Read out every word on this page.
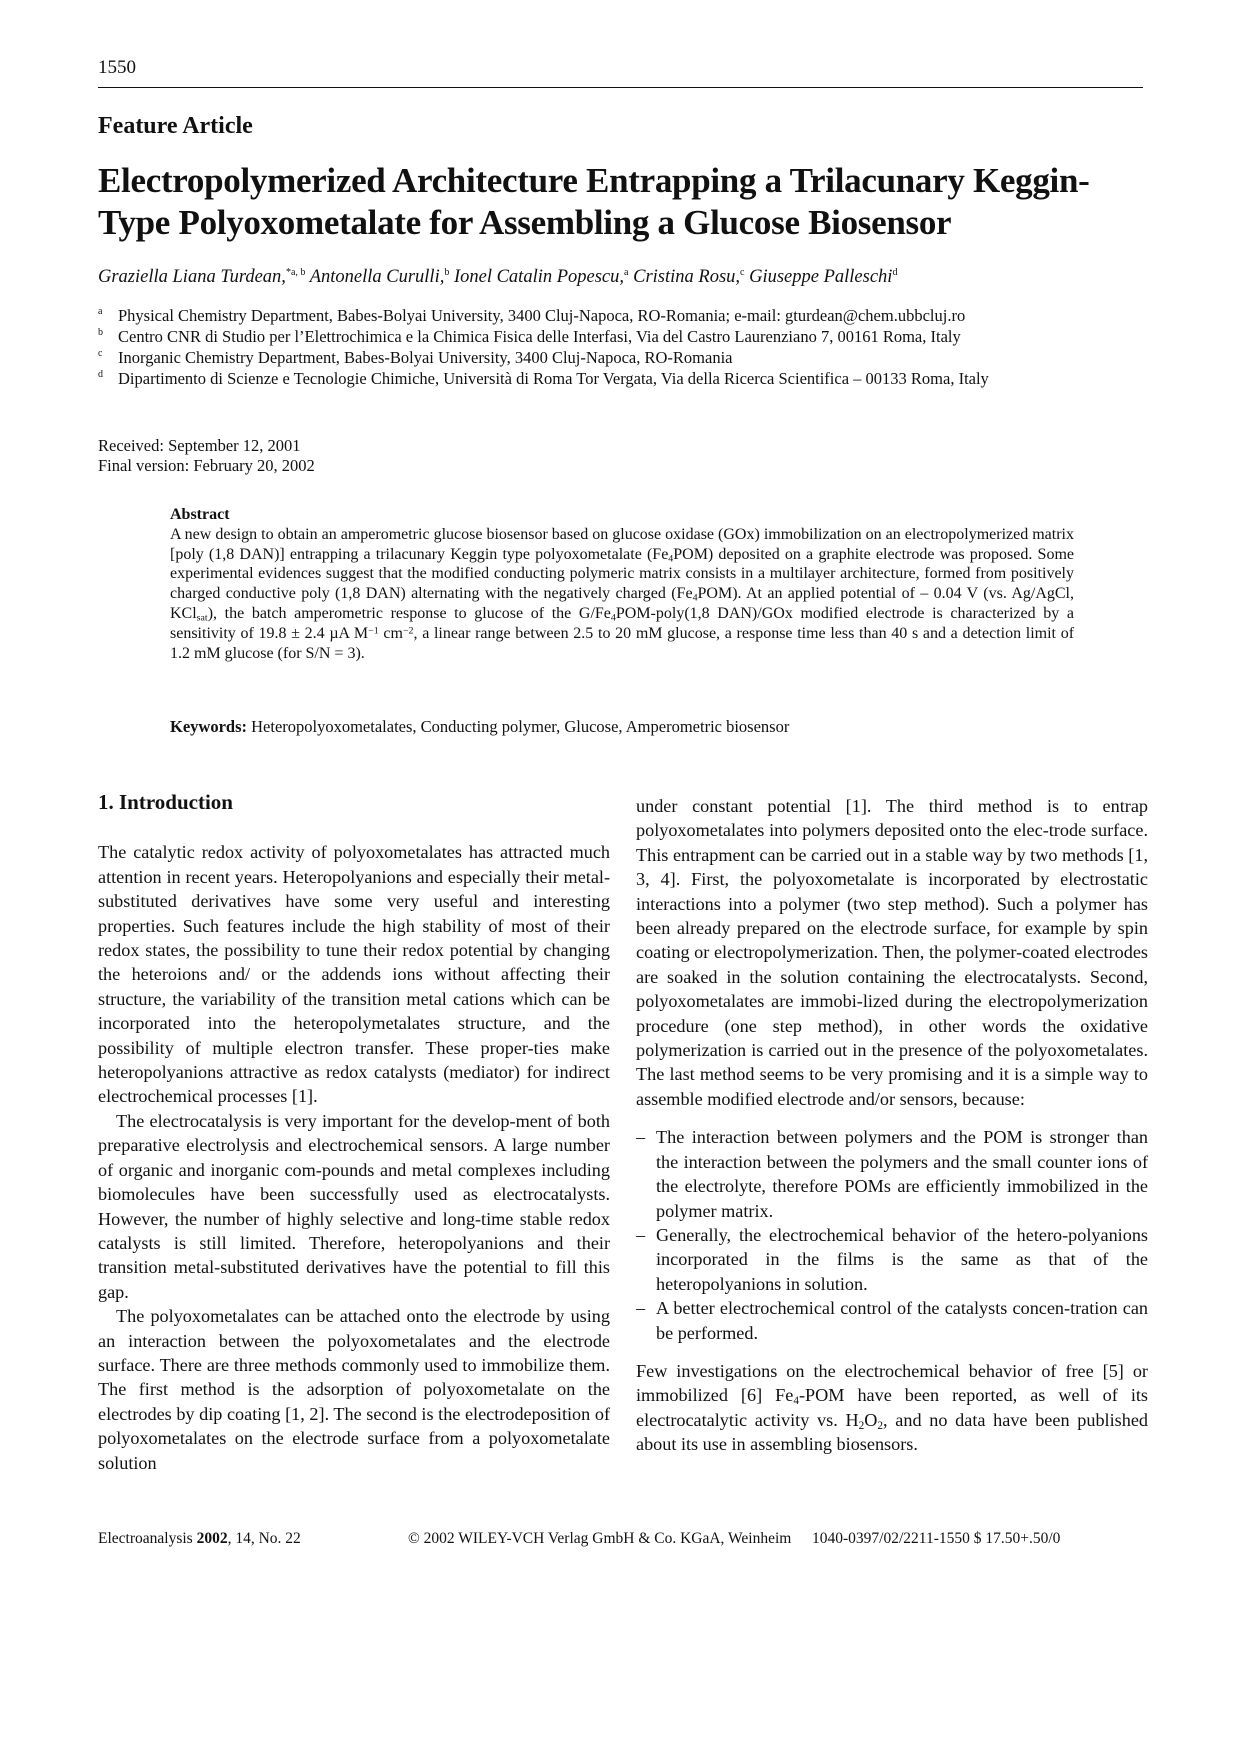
1550
Feature Article
Electropolymerized Architecture Entrapping a Trilacunary Keggin-Type Polyoxometalate for Assembling a Glucose Biosensor
Graziella Liana Turdean,$^{*a, b}$ Antonella Curulli,$^b$ Ionel Catalin Popescu,$^a$ Cristina Rosu,$^c$ Giuseppe Palleschi$^d$
a Physical Chemistry Department, Babes-Bolyai University, 3400 Cluj-Napoca, RO-Romania; e-mail: gturdean@chem.ubbcluj.ro
b Centro CNR di Studio per l’Elettrochimica e la Chimica Fisica delle Interfasi, Via del Castro Laurenziano 7, 00161 Roma, Italy
c Inorganic Chemistry Department, Babes-Bolyai University, 3400 Cluj-Napoca, RO-Romania
d Dipartimento di Scienze e Tecnologie Chimiche, Università di Roma Tor Vergata, Via della Ricerca Scientifica – 00133 Roma, Italy
Received: September 12, 2001
Final version: February 20, 2002
Abstract
A new design to obtain an amperometric glucose biosensor based on glucose oxidase (GOx) immobilization on an electropolymerized matrix [poly (1,8 DAN)] entrapping a trilacunary Keggin type polyoxometalate $(Fe_4POM)$ deposited on a graphite electrode was proposed. Some experimental evidences suggest that the modified conducting polymeric matrix consists in a multilayer architecture, formed from positively charged conductive poly (1,8 DAN) alternating with the negatively charged $(Fe_4POM)$. At an applied potential of – 0.04 V (vs. Ag/AgCl, KCl$_{sat}$), the batch amperometric response to glucose of the $G/Fe_4POM-poly(1,8$ DAN)/GOx modified electrode is characterized by a sensitivity of 19.8 ± 2.4 µA $M^{-1}$ $cm^{-2}$, a linear range between 2.5 to 20 mM glucose, a response time less than 40 s and a detection limit of 1.2 mM glucose (for S/N = 3).
Keywords: Heteropolyoxometalates, Conducting polymer, Glucose, Amperometric biosensor
1. Introduction

The catalytic redox activity of polyoxometalates has attracted much attention in recent years. Heteropolyanions and especially their metal-substituted derivatives have some very useful and interesting properties. Such features include the high stability of most of their redox states, the possibility to tune their redox potential by changing the heteroions and/ or the addends ions without affecting their structure, the variability of the transition metal cations which can be incorporated into the heteropolymetalates structure, and the possibility of multiple electron transfer. These proper-ties make heteropolyanions attractive as redox catalysts (mediator) for indirect electrochemical processes [1].

The electrocatalysis is very important for the develop-ment of both preparative electrolysis and electrochemical sensors. A large number of organic and inorganic com-pounds and metal complexes including biomolecules have been successfully used as electrocatalysts. However, the number of highly selective and long-time stable redox catalysts is still limited. Therefore, heteropolyanions and their transition metal-substituted derivatives have the potential to fill this gap.

The polyoxometalates can be attached onto the electrode by using an interaction between the polyoxometalates and the electrode surface. There are three methods commonly used to immobilize them. The first method is the adsorption of polyoxometalate on the electrodes by dip coating [1, 2]. The second is the electrodeposition of polyoxometalates on the electrode surface from a polyoxometalate solution

under constant potential [1]. The third method is to entrap polyoxometalates into polymers deposited onto the elec-trode surface. This entrapment can be carried out in a stable way by two methods [1, 3, 4]. First, the polyoxometalate is incorporated by electrostatic interactions into a polymer (two step method). Such a polymer has been already prepared on the electrode surface, for example by spin coating or electropolymerization. Then, the polymer-coated electrodes are soaked in the solution containing the electrocatalysts. Second, polyoxometalates are immobi-lized during the electropolymerization procedure (one step method), in other words the oxidative polymerization is carried out in the presence of the polyoxometalates. The last method seems to be very promising and it is a simple way to assemble modified electrode and/or sensors, because:

– The interaction between polymers and the POM is stronger than the interaction between the polymers and the small counter ions of the electrolyte, therefore POMs are efficiently immobilized in the polymer matrix.
– Generally, the electrochemical behavior of the hetero-polyanions incorporated in the films is the same as that of the heteropolyanions in solution.
– A better electrochemical control of the catalysts concen-tration can be performed.

Few investigations on the electrochemical behavior of free [5] or immobilized [6] $Fe_4$-POM have been reported, as well of its electrocatalytic activity vs. $H_2O_2$, and no data have been published about its use in assembling biosensors.

Electroanalysis 2002, 14, No. 22	© 2002 WILEY-VCH Verlag GmbH & Co. KGaA, Weinheim 1040-0397/02/2211-1550 $ 17.50+.50/0
